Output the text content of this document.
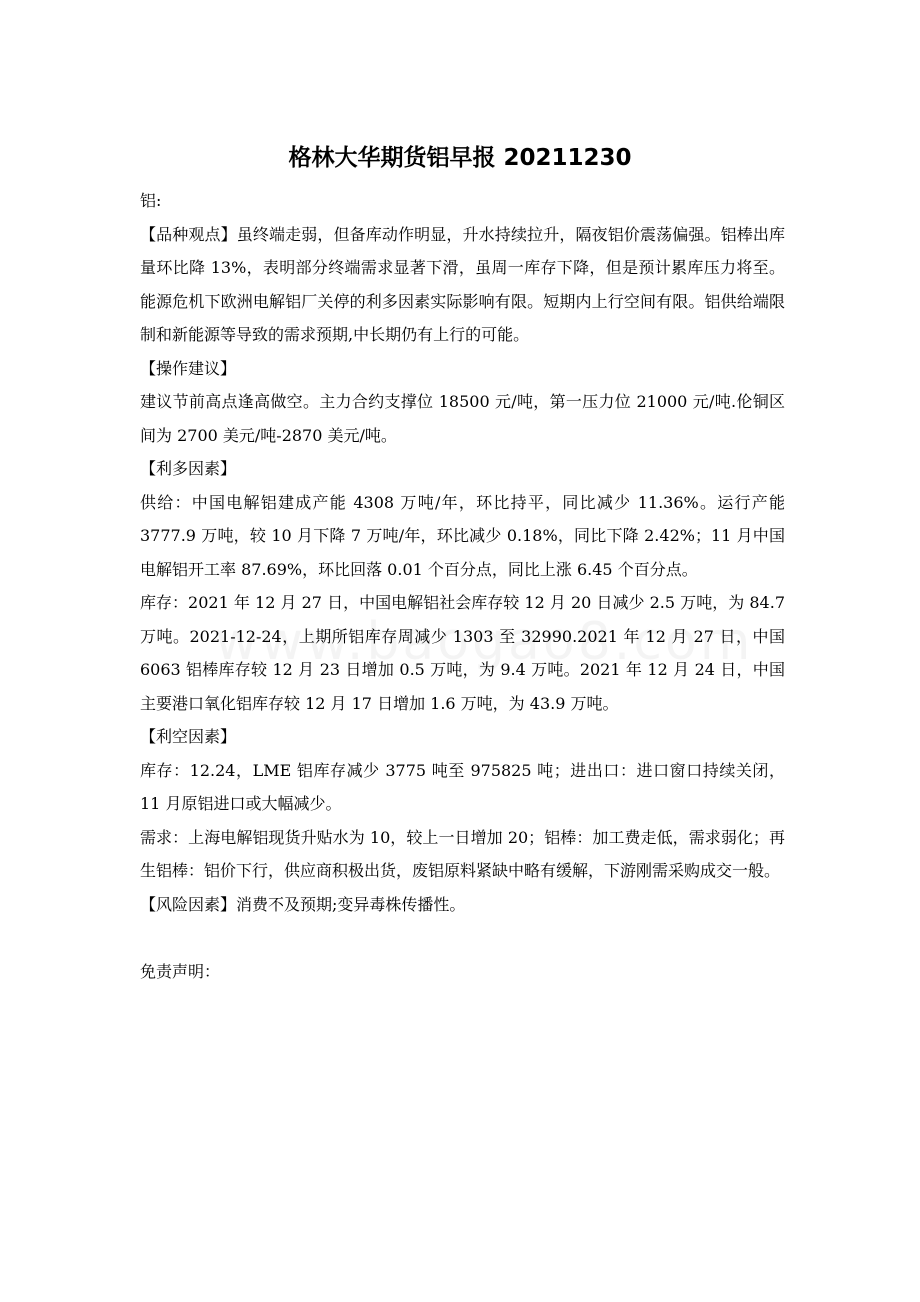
格林大华期货铝早报 20211230

铝:

【品种观点】虽终端走弱，但备库动作明显，升水持续拉升，隔夜铝价震荡偏强。铝棒出库量环比降 13%，表明部分终端需求显著下滑，虽周一库存下降，但是预计累库压力将至。能源危机下欧洲电解铝厂关停的利多因素实际影响有限。短期内上行空间有限。铝供给端限制和新能源等导致的需求预期,中长期仍有上行的可能。

【操作建议】

建议节前高点逢高做空。主力合约支撑位 18500 元/吨，第一压力位 21000 元/吨.伦铜区间为 2700 美元/吨-2870 美元/吨。

【利多因素】

供给：中国电解铝建成产能 4308 万吨/年，环比持平，同比减少 11.36%。运行产能 3777.9 万吨，较 10 月下降 7 万吨/年，环比减少 0.18%，同比下降 2.42%；11 月中国电解铝开工率 87.69%，环比回落 0.01 个百分点，同比上涨 6.45 个百分点。

库存：2021 年 12 月 27 日，中国电解铝社会库存较 12 月 20 日减少 2.5 万吨，为 84.7 万吨。2021-12-24，上期所铝库存周减少 1303 至 32990.2021 年 12 月 27 日，中国 6063 铝棒库存较 12 月 23 日增加 0.5 万吨，为 9.4 万吨。2021 年 12 月 24 日，中国主要港口氧化铝库存较 12 月 17 日增加 1.6 万吨，为 43.9 万吨。

【利空因素】

库存：12.24，LME 铝库存减少 3775 吨至 975825 吨；进出口：进口窗口持续关闭，11 月原铝进口或大幅减少。

需求：上海电解铝现货升贴水为 10，较上一日增加 20；铝棒：加工费走低，需求弱化；再生铝棒：铝价下行，供应商积极出货，废铝原料紧缺中略有缓解，下游刚需采购成交一般。

【风险因素】消费不及预期;变异毒株传播性。

免责声明：
